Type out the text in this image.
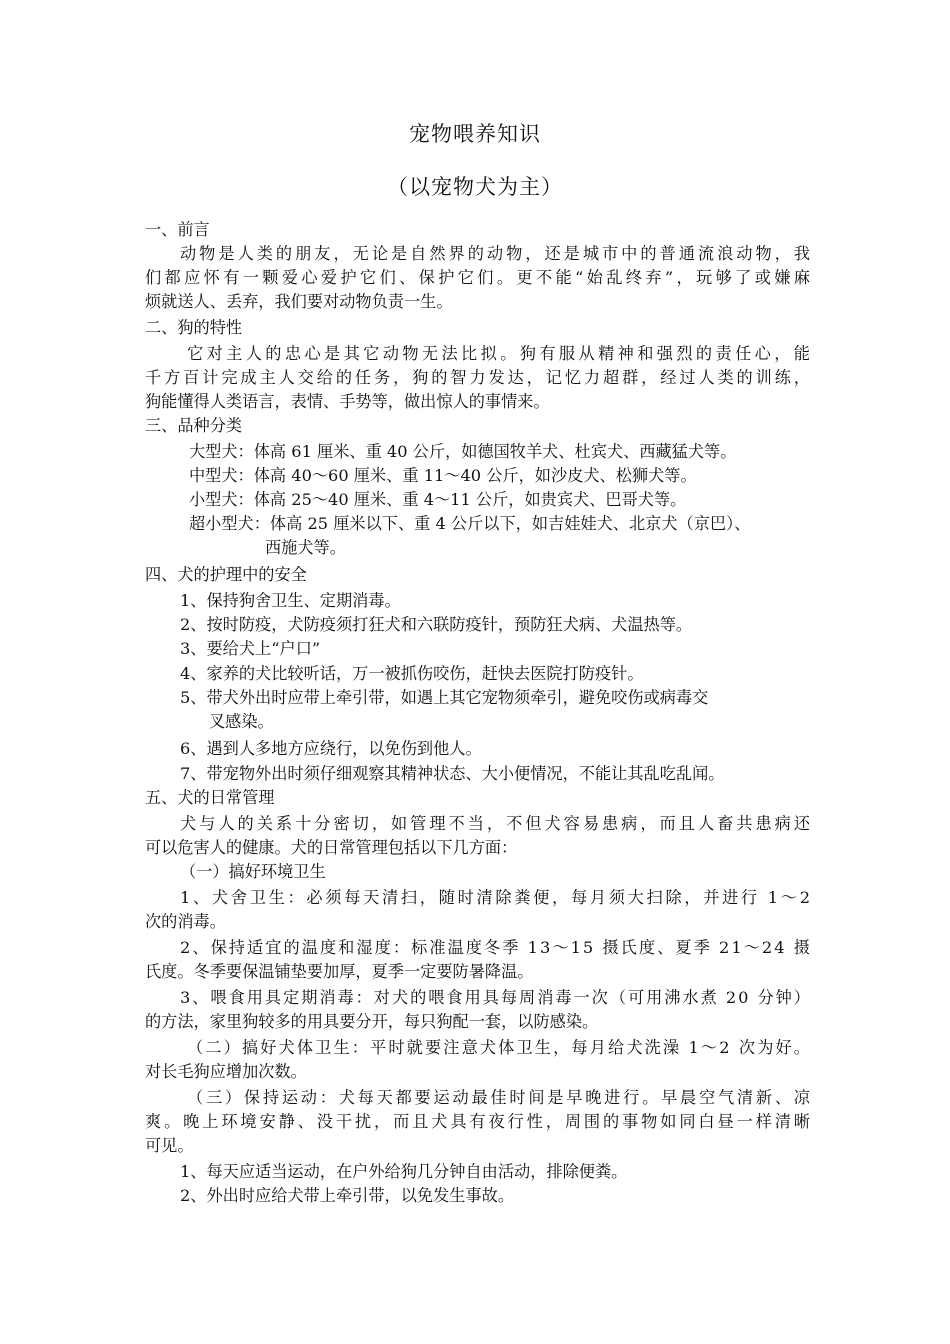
宠物喂养知识
（以宠物犬为主）
一、前言
动物是人类的朋友，无论是自然界的动物，还是城市中的普通流浪动物，我
们都应怀有一颗爱心爱护它们、保护它们。更不能“始乱终弃”，玩够了或嫌麻
烦就送人、丢弃，我们要对动物负责一生。
二、狗的特性
它对主人的忠心是其它动物无法比拟。狗有服从精神和强烈的责任心，能
千方百计完成主人交给的任务，狗的智力发达，记忆力超群，经过人类的训练，
狗能懂得人类语言，表情、手势等，做出惊人的事情来。
三、品种分类
大型犬：体高 61 厘米、重 40 公斤，如德国牧羊犬、杜宾犬、西藏猛犬等。
中型犬：体高 40～60 厘米、重 11～40 公斤，如沙皮犬、松狮犬等。
小型犬：体高 25～40 厘米、重 4～11 公斤，如贵宾犬、巴哥犬等。
超小型犬：体高 25 厘米以下、重 4 公斤以下，如吉娃娃犬、北京犬（京巴）、
西施犬等。
四、犬的护理中的安全
1、保持狗舍卫生、定期消毒。
2、按时防疫，犬防疫须打狂犬和六联防疫针，预防狂犬病、犬温热等。
3、要给犬上“户口”
4、家养的犬比较听话，万一被抓伤咬伤，赶快去医院打防疫针。
5、带犬外出时应带上牵引带，如遇上其它宠物须牵引，避免咬伤或病毒交
叉感染。
6、遇到人多地方应绕行，以免伤到他人。
7、带宠物外出时须仔细观察其精神状态、大小便情况，不能让其乱吃乱闻。
五、犬的日常管理
犬与人的关系十分密切，如管理不当，不但犬容易患病，而且人畜共患病还
可以危害人的健康。犬的日常管理包括以下几方面：
（一）搞好环境卫生
1、犬舍卫生：必须每天清扫，随时清除粪便，每月须大扫除，并进行 1～2
次的消毒。
2、保持适宜的温度和湿度：标准温度冬季 13～15 摄氏度、夏季 21～24 摄
氏度。冬季要保温铺垫要加厚，夏季一定要防暑降温。
3、喂食用具定期消毒：对犬的喂食用具每周消毒一次（可用沸水煮 20 分钟）
的方法，家里狗较多的用具要分开，每只狗配一套，以防感染。
（二）搞好犬体卫生：平时就要注意犬体卫生，每月给犬洗澡 1～2 次为好。
对长毛狗应增加次数。
（三）保持运动：犬每天都要运动最佳时间是早晚进行。早晨空气清新、凉
爽。晚上环境安静、没干扰，而且犬具有夜行性，周围的事物如同白昼一样清晰
可见。
1、每天应适当运动，在户外给狗几分钟自由活动，排除便粪。
2、外出时应给犬带上牵引带，以免发生事故。
